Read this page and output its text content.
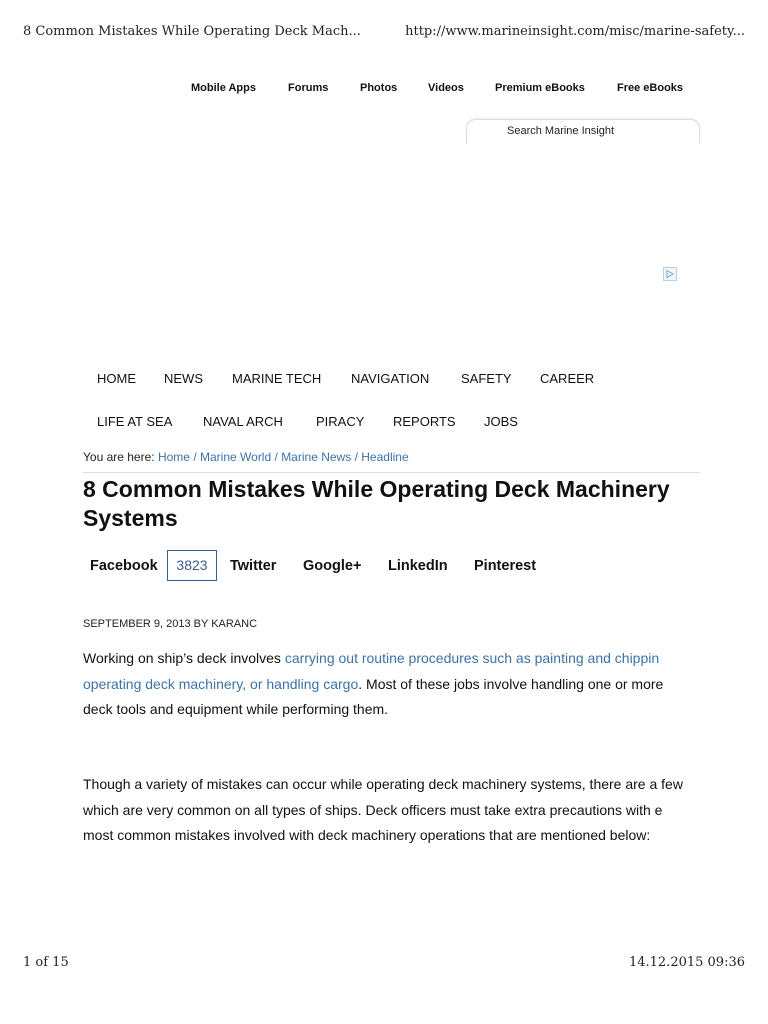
8 Common Mistakes While Operating Deck Mach...	http://www.marineinsight.com/misc/marine-safety...
Mobile Apps	Forums	Photos	Videos	Premium eBooks	Free eBooks
Search Marine Insight
HOME NEWS MARINE TECH NAVIGATION SAFETY CAREER
LIFE AT SEA NAVAL ARCH	PIRACY REPORTS JOBS
You are here: Home / Marine World / Marine News / Headline
8 Common Mistakes While Operating Deck Machinery Systems
Facebook	3823	Twitter Google+ LinkedIn Pinterest
SEPTEMBER 9, 2013 BY KARANC

Working on ship’s deck involves carrying out routine procedures such as painting and chippin
operating deck machinery, or handling cargo. Most of these jobs involve handling one or more
deck tools and equipment while performing them.

Though a variety of mistakes can occur while operating deck machinery systems, there are a few
which are very common on all types of ships. Deck officers must take extra precautions with e
most common mistakes involved with deck machinery operations that are mentioned below:

1 of 15	14.12.2015 09:36
